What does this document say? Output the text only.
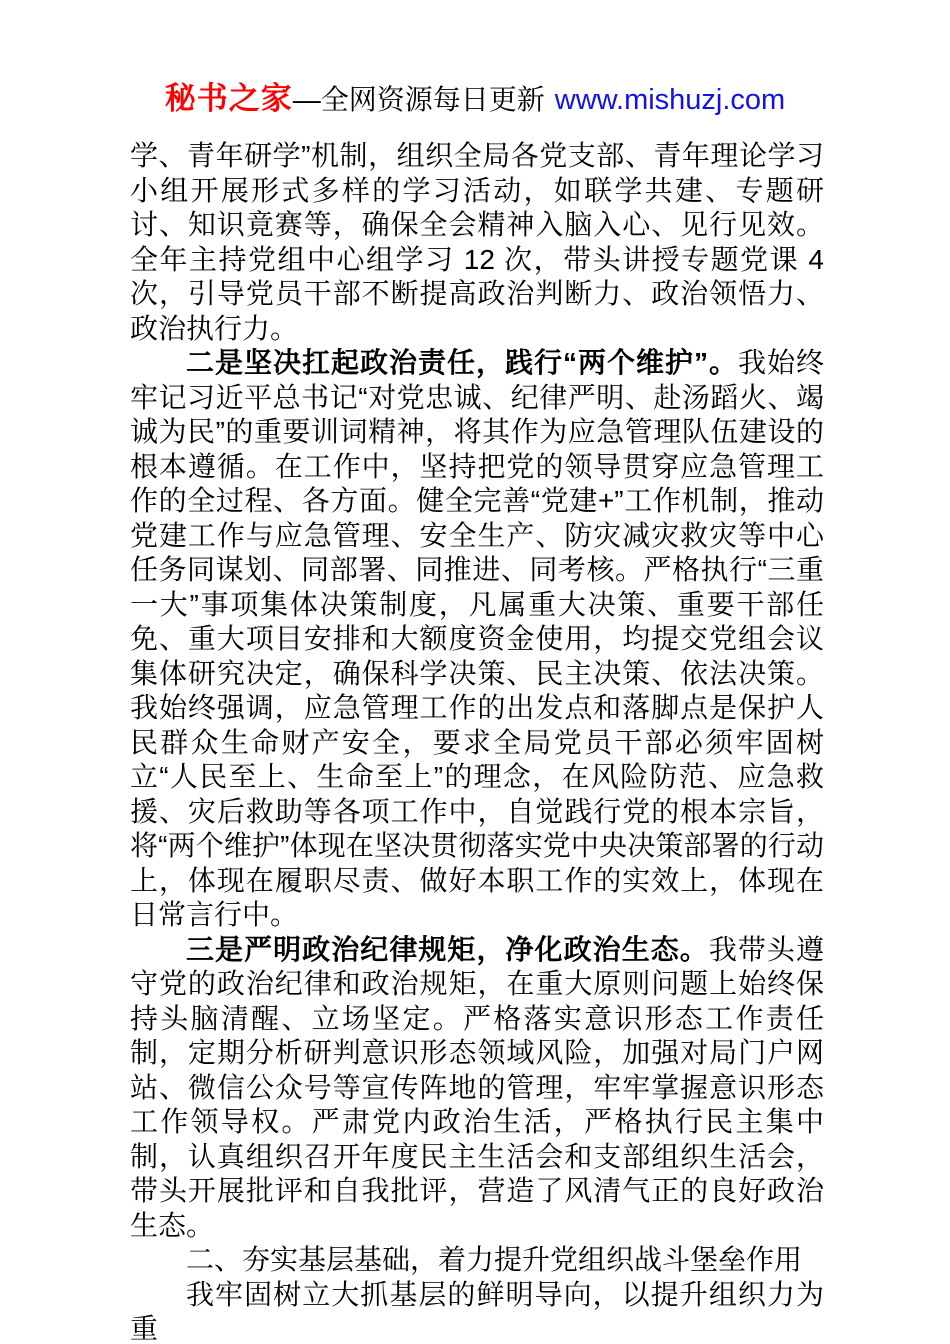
秘书之家—全网资源每日更新 www.mishuzj.com

学、青年研学”机制，组织全局各党支部、青年理论学习小组开展形式多样的学习活动，如联学共建、专题研讨、知识竟赛等，确保全会精神入脑入心、见行见效。全年主持党组中心组学习 12 次，带头讲授专题党课 4 次，引导党员干部不断提高政治判断力、政治领悟力、政治执行力。

二是坚决扛起政治责任，践行“两个维护”。我始终牢记习近平总书记“对党忠诚、纪律严明、赴汤蹈火、竭诚为民”的重要训词精神，将其作为应急管理队伍建设的根本遵循。在工作中，坚持把党的领导贯穿应急管理工作的全过程、各方面。健全完善“党建+”工作机制，推动党建工作与应急管理、安全生产、防灾减灾救灾等中心任务同谋划、同部署、同推进、同考核。严格执行“三重一大”事项集体决策制度，凡属重大决策、重要干部任免、重大项目安排和大额度资金使用，均提交党组会议集体研究决定，确保科学决策、民主决策、依法决策。我始终强调，应急管理工作的出发点和落脚点是保护人民群众生命财产安全，要求全局党员干部必须牢固树立“人民至上、生命至上”的理念，在风险防范、应急救援、灾后救助等各项工作中，自觉践行党的根本宗旨，将“两个维护”体现在坚决贯彻落实党中央决策部署的行动上，体现在履职尽责、做好本职工作的实效上，体现在日常言行中。

三是严明政治纪律规矩，净化政治生态。我带头遵守党的政治纪律和政治规矩，在重大原则问题上始终保持头脑清醒、立场坚定。严格落实意识形态工作责任制，定期分析研判意识形态领域风险，加强对局门户网站、微信公众号等宣传阵地的管理，牢牢掌握意识形态工作领导权。严肃党内政治生活，严格执行民主集中制，认真组织召开年度民主生活会和支部组织生活会，带头开展批评和自我批评，营造了风清气正的良好政治生态。

二、夯实基层基础，着力提升党组织战斗堡垒作用

我牢固树立大抓基层的鲜明导向，以提升组织力为重
